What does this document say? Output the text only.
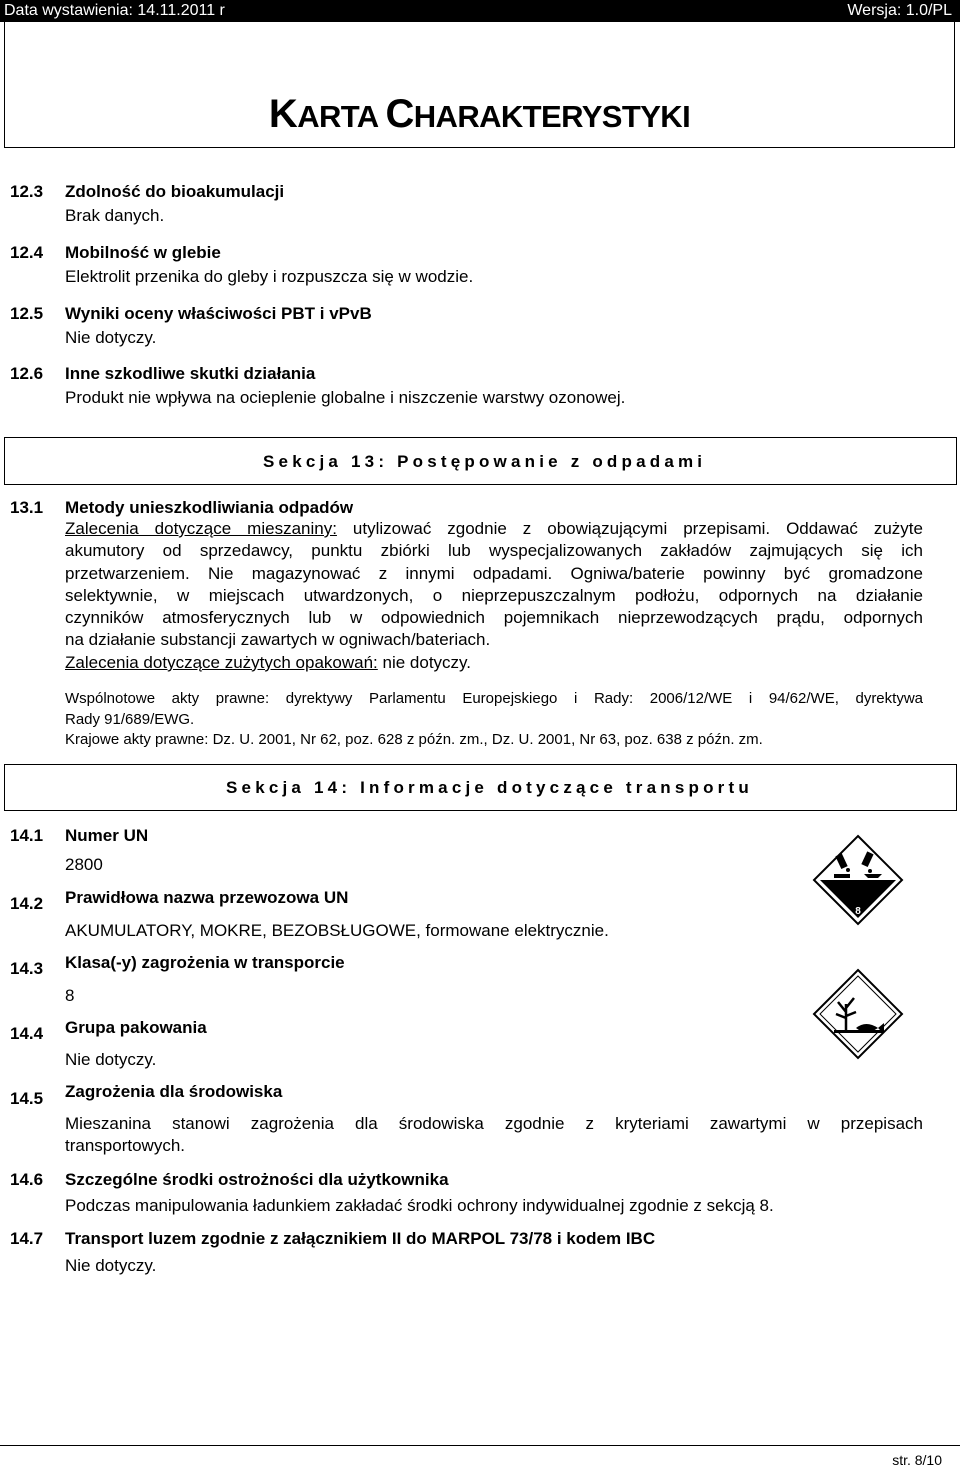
Data wystawienia: 14.11.2011 r	Wersja: 1.0/PL
KARTA CHARAKTERYSTYKI
12.3 Zdolność do bioakumulacji
Brak danych.
12.4 Mobilność w glebie
Elektrolit przenika do gleby i rozpuszcza się w wodzie.
12.5 Wyniki oceny właściwości PBT i vPvB
Nie dotyczy.
12.6 Inne szkodliwe skutki działania
Produkt nie wpływa na ocieplenie globalne i niszczenie warstwy ozonowej.
Sekcja 13: Postępowanie z odpadami
13.1 Metody unieszkodliwiania odpadów
Zalecenia dotyczące mieszaniny: utylizować zgodnie z obowiązującymi przepisami. Oddawać zużyte
akumutory od sprzedawcy, punktu zbiórki lub wyspecjalizowanych zakładów zajmujących się ich
przetwarzeniem. Nie magazynować z innymi odpadami. Ogniwa/baterie powinny być gromadzone
selektywnie, w miejscach utwardzonych, o nieprzepuszczalnym podłożu, odpornych na działanie
czynników atmosferycznych lub w odpowiednich pojemnikach nieprzewodzących prądu, odpornych
na działanie substancji zawartych w ogniwach/bateriach.
Zalecenia dotyczące zużytych opakowań: nie dotyczy.
Wspólnotowe akty prawne: dyrektywy Parlamentu Europejskiego i Rady: 2006/12/WE i 94/62/WE, dyrektywa
Rady 91/689/EWG.
Krajowe akty prawne: Dz. U. 2001, Nr 62, poz. 628 z późn. zm., Dz. U. 2001, Nr 63, poz. 638 z późn. zm.
Sekcja 14: Informacje dotyczące transportu
14.1 Numer UN
2800
14.2 Prawidłowa nazwa przewozowa UN
AKUMULATORY, MOKRE, BEZOBSŁUGOWE, formowane elektrycznie.
14.3 Klasa(-y) zagrożenia w transporcie
8
14.4 Grupa pakowania
Nie dotyczy.
14.5 Zagrożenia dla środowiska
Mieszanina stanowi zagrożenia dla środowiska zgodnie z kryteriami zawartymi w przepisach
transportowych.
14.6 Szczególne środki ostrożności dla użytkownika
Podczas manipulowania ładunkiem zakładać środki ochrony indywidualnej zgodnie z sekcją 8.
14.7 Transport luzem zgodnie z załącznikiem II do MARPOL 73/78 i kodem IBC
Nie dotyczy.
8
str. 8/10
